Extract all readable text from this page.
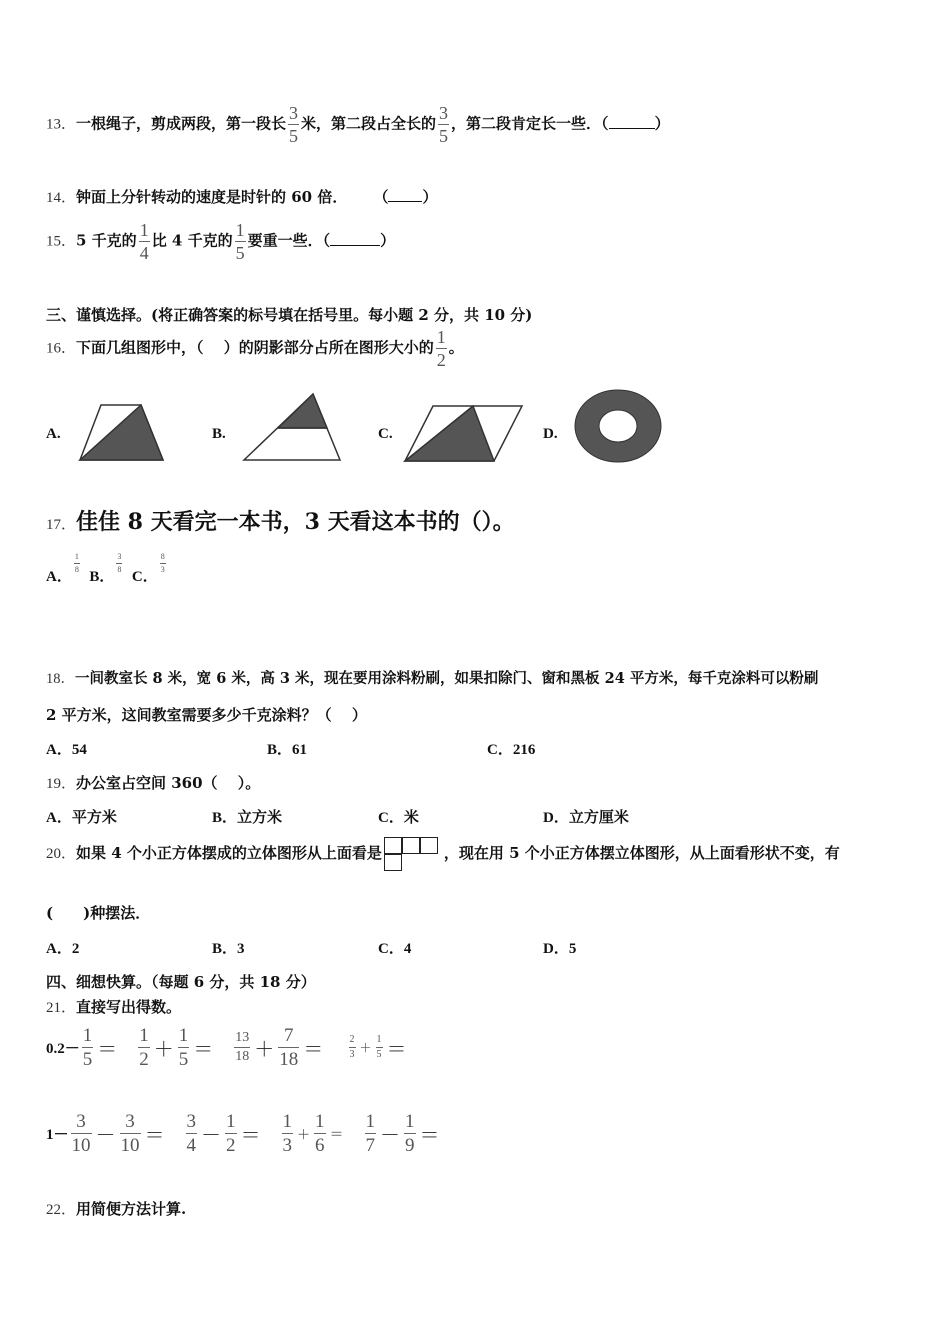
13．一根绳子，剪成两段，第一段长 $\frac{3}{5}$ 米，第二段占全长的 $\frac{3}{5}$ ，第二段肯定长一些．（	）
14．钟面上分针转动的速度是时针的 60 倍． （ ）
15．5 千克的 $\frac{1}{4}$ 比 4 千克的 $\frac{1}{5}$ 要重一些．（	）
三、谨慎选择。(将正确答案的标号填在括号里。每小题 2 分，共 10 分)
16．下面几组图形中，（　 ）的阴影部分占所在图形大小的 $\frac{1}{2}$ 。
A.	B.	C.	D.
17．佳佳 8 天看完一本书，3 天看这本书的（）。
A．
$\frac{1}{8}$
B．
$\frac{3}{8}$
C．
$\frac{8}{3}$
18．一间教室长 8 米，宽 6 米，高 3 米，现在要用涂料粉刷，如果扣除门、窗和黑板 24 平方米，每千克涂料可以粉刷
2 平方米，这间教室需要多少千克涂料？（　 ）
A．54	B．61	C．216
19．办公室占空间 360（　 ）。
A．平方米	B．立方米	C．米	D．立方厘米
20．如果 4 个小正方体摆成的立体图形从上面看是	，现在用 5 个小正方体摆立体图形，从上面看形状不变，有
(　　)种摆法．
A．2	B．3	C．4	D．5
四、细想快算。（每题 6 分，共 18 分）
21．直接写出得数。
$0.2- \frac{1}{5} = \frac{1}{2} + \frac{1}{5} = \frac{13}{18} + \frac{7}{18}$ ＝	$\frac{2}{3} + \frac{1}{5}$ ＝
$1- \frac{3}{10} - \frac{3}{10} = \frac{3}{4} - \frac{1}{2} = \frac{1}{3} + \frac{1}{6} = \frac{1}{7} - \frac{1}{9}$ ＝
22．用简便方法计算.
